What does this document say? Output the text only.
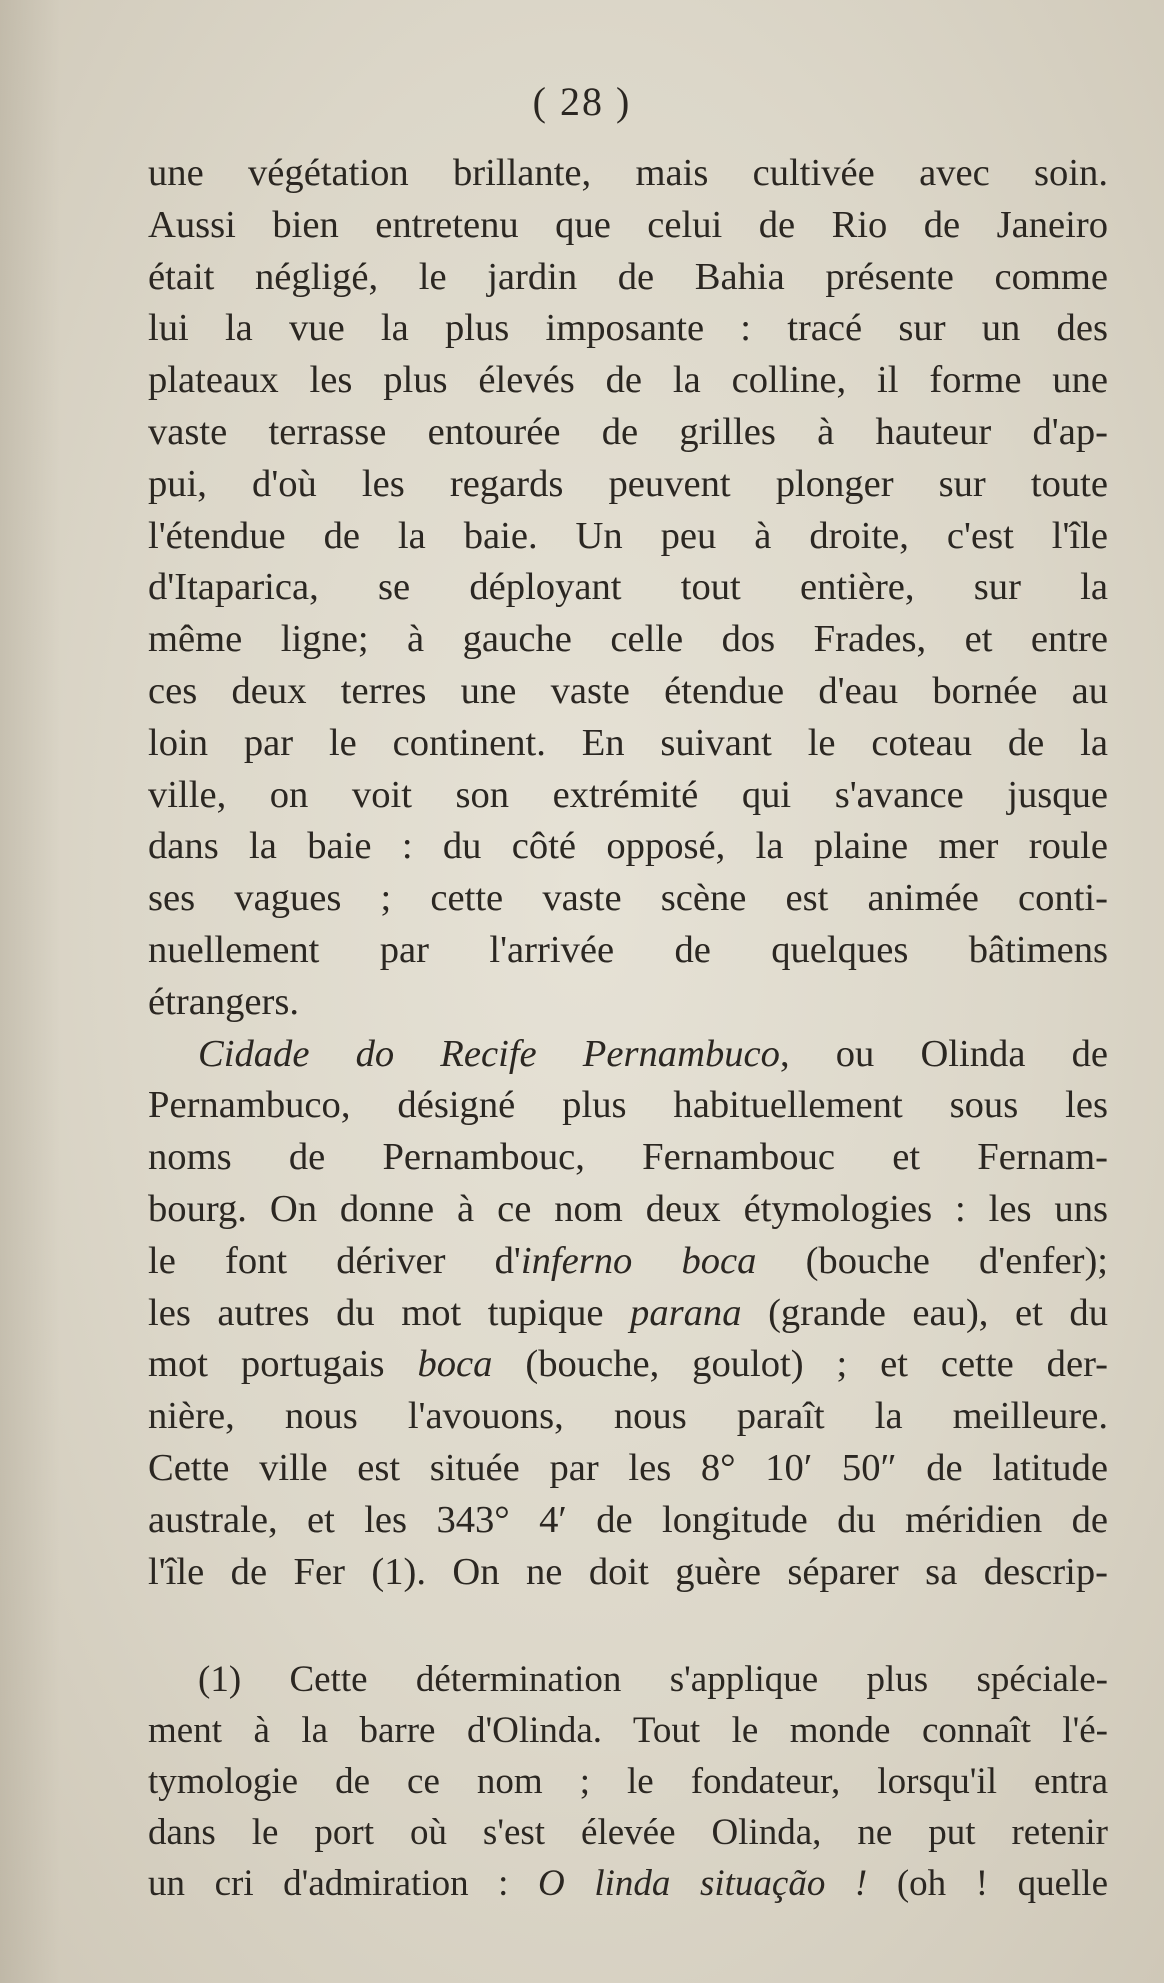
( 28 )
une végétation brillante, mais cultivée avec soin.
Aussi bien entretenu que celui de Rio de Janeiro
était négligé, le jardin de Bahia présente comme
lui la vue la plus imposante : tracé sur un des
plateaux les plus élevés de la colline, il forme une
vaste terrasse entourée de grilles à hauteur d'ap-
pui, d'où les regards peuvent plonger sur toute
l'étendue de la baie. Un peu à droite, c'est l'île
d'Itaparica, se déployant tout entière, sur la
même ligne; à gauche celle dos Frades, et entre
ces deux terres une vaste étendue d'eau bornée au
loin par le continent. En suivant le coteau de la
ville, on voit son extrémité qui s'avance jusque
dans la baie : du côté opposé, la plaine mer roule
ses vagues ; cette vaste scène est animée conti-
nuellement par l'arrivée de quelques bâtimens
étrangers.
Cidade do Recife Pernambuco, ou Olinda de
Pernambuco, désigné plus habituellement sous les
noms de Pernambouc, Fernambouc et Fernam-
bourg. On donne à ce nom deux étymologies : les uns
le font dériver d'inferno boca (bouche d'enfer);
les autres du mot tupique parana (grande eau), et du
mot portugais boca (bouche, goulot) ; et cette der-
nière, nous l'avouons, nous paraît la meilleure.
Cette ville est située par les 8° 10′ 50″ de latitude
australe, et les 343° 4′ de longitude du méridien de
l'île de Fer (1). On ne doit guère séparer sa descrip-
(1) Cette détermination s'applique plus spéciale-
ment à la barre d'Olinda. Tout le monde connaît l'é-
tymologie de ce nom ; le fondateur, lorsqu'il entra
dans le port où s'est élevée Olinda, ne put retenir
un cri d'admiration : O linda situação ! (oh ! quelle
